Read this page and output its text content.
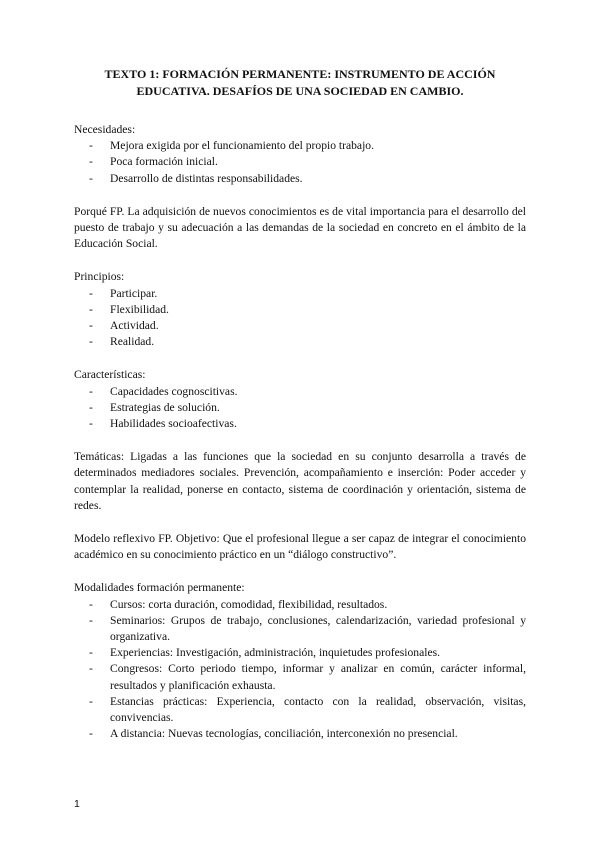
TEXTO 1: FORMACIÓN PERMANENTE: INSTRUMENTO DE ACCIÓN
EDUCATIVA. DESAFÍOS DE UNA SOCIEDAD EN CAMBIO.

Necesidades:

- Mejora exigida por el funcionamiento del propio trabajo.
- Poca formación inicial.
- Desarrollo de distintas responsabilidades.

Porqué FP. La adquisición de nuevos conocimientos es de vital importancia para el desarrollo del puesto de trabajo y su adecuación a las demandas de la sociedad en concreto en el ámbito de la Educación Social.

Principios:

- Participar.
- Flexibilidad.
- Actividad.
- Realidad.

Características:

- Capacidades cognoscitivas.
- Estrategias de solución.
- Habilidades socioafectivas.

Temáticas: Ligadas a las funciones que la sociedad en su conjunto desarrolla a través de determinados mediadores sociales. Prevención, acompañamiento e inserción: Poder acceder y contemplar la realidad, ponerse en contacto, sistema de coordinación y orientación, sistema de redes.

Modelo reflexivo FP. Objetivo: Que el profesional llegue a ser capaz de integrar el conocimiento académico en su conocimiento práctico en un “diálogo constructivo”.

Modalidades formación permanente:

- Cursos: corta duración, comodidad, flexibilidad, resultados.
- Seminarios: Grupos de trabajo, conclusiones, calendarización, variedad profesional y organizativa.
- Experiencias: Investigación, administración, inquietudes profesionales.
- Congresos: Corto periodo tiempo, informar y analizar en común, carácter informal, resultados y planificación exhausta.
- Estancias prácticas: Experiencia, contacto con la realidad, observación, visitas, convivencias.
- A distancia: Nuevas tecnologías, conciliación, interconexión no presencial.
1
